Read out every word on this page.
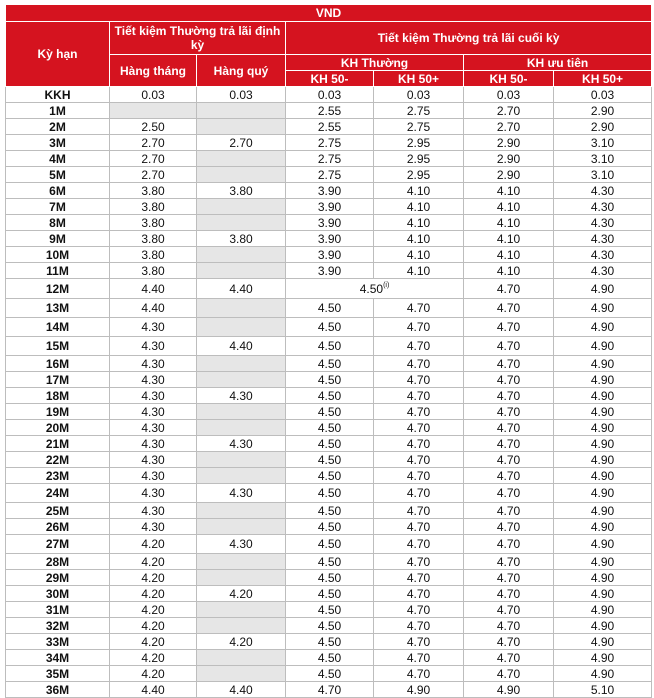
VND						
Kỳ hạn	Tiết kiệm Thường trả lãi định kỳ		Tiết kiệm Thường trả lãi cuối kỳ			
	Hàng tháng	Hàng quý	KH Thường		KH ưu tiên	
			KH 50-	KH 50+	KH 50-	KH 50+
KKH	0.03	0.03	0.03	0.03	0.03	0.03
1M			2.55	2.75	2.70	2.90
2M	2.50		2.55	2.75	2.70	2.90
3M	2.70	2.70	2.75	2.95	2.90	3.10
4M	2.70		2.75	2.95	2.90	3.10
5M	2.70		2.75	2.95	2.90	3.10
6M	3.80	3.80	3.90	4.10	4.10	4.30
7M	3.80		3.90	4.10	4.10	4.30
8M	3.80		3.90	4.10	4.10	4.30
9M	3.80	3.80	3.90	4.10	4.10	4.30
10M	3.80		3.90	4.10	4.10	4.30
11M	3.80		3.90	4.10	4.10	4.30
12M	4.40	4.40	4.50$^{(i)}$		4.70	4.90
13M	4.40		4.50	4.70	4.70	4.90
14M	4.30		4.50	4.70	4.70	4.90
15M	4.30	4.40	4.50	4.70	4.70	4.90
16M	4.30		4.50	4.70	4.70	4.90
17M	4.30		4.50	4.70	4.70	4.90
18M	4.30	4.30	4.50	4.70	4.70	4.90
19M	4.30		4.50	4.70	4.70	4.90
20M	4.30		4.50	4.70	4.70	4.90
21M	4.30	4.30	4.50	4.70	4.70	4.90
22M	4.30		4.50	4.70	4.70	4.90
23M	4.30		4.50	4.70	4.70	4.90
24M	4.30	4.30	4.50	4.70	4.70	4.90
25M	4.30		4.50	4.70	4.70	4.90
26M	4.30		4.50	4.70	4.70	4.90
27M	4.20	4.30	4.50	4.70	4.70	4.90
28M	4.20		4.50	4.70	4.70	4.90
29M	4.20		4.50	4.70	4.70	4.90
30M	4.20	4.20	4.50	4.70	4.70	4.90
31M	4.20		4.50	4.70	4.70	4.90
32M	4.20		4.50	4.70	4.70	4.90
33M	4.20	4.20	4.50	4.70	4.70	4.90
34M	4.20		4.50	4.70	4.70	4.90
35M	4.20		4.50	4.70	4.70	4.90
36M	4.40	4.40	4.70	4.90	4.90	5.10
